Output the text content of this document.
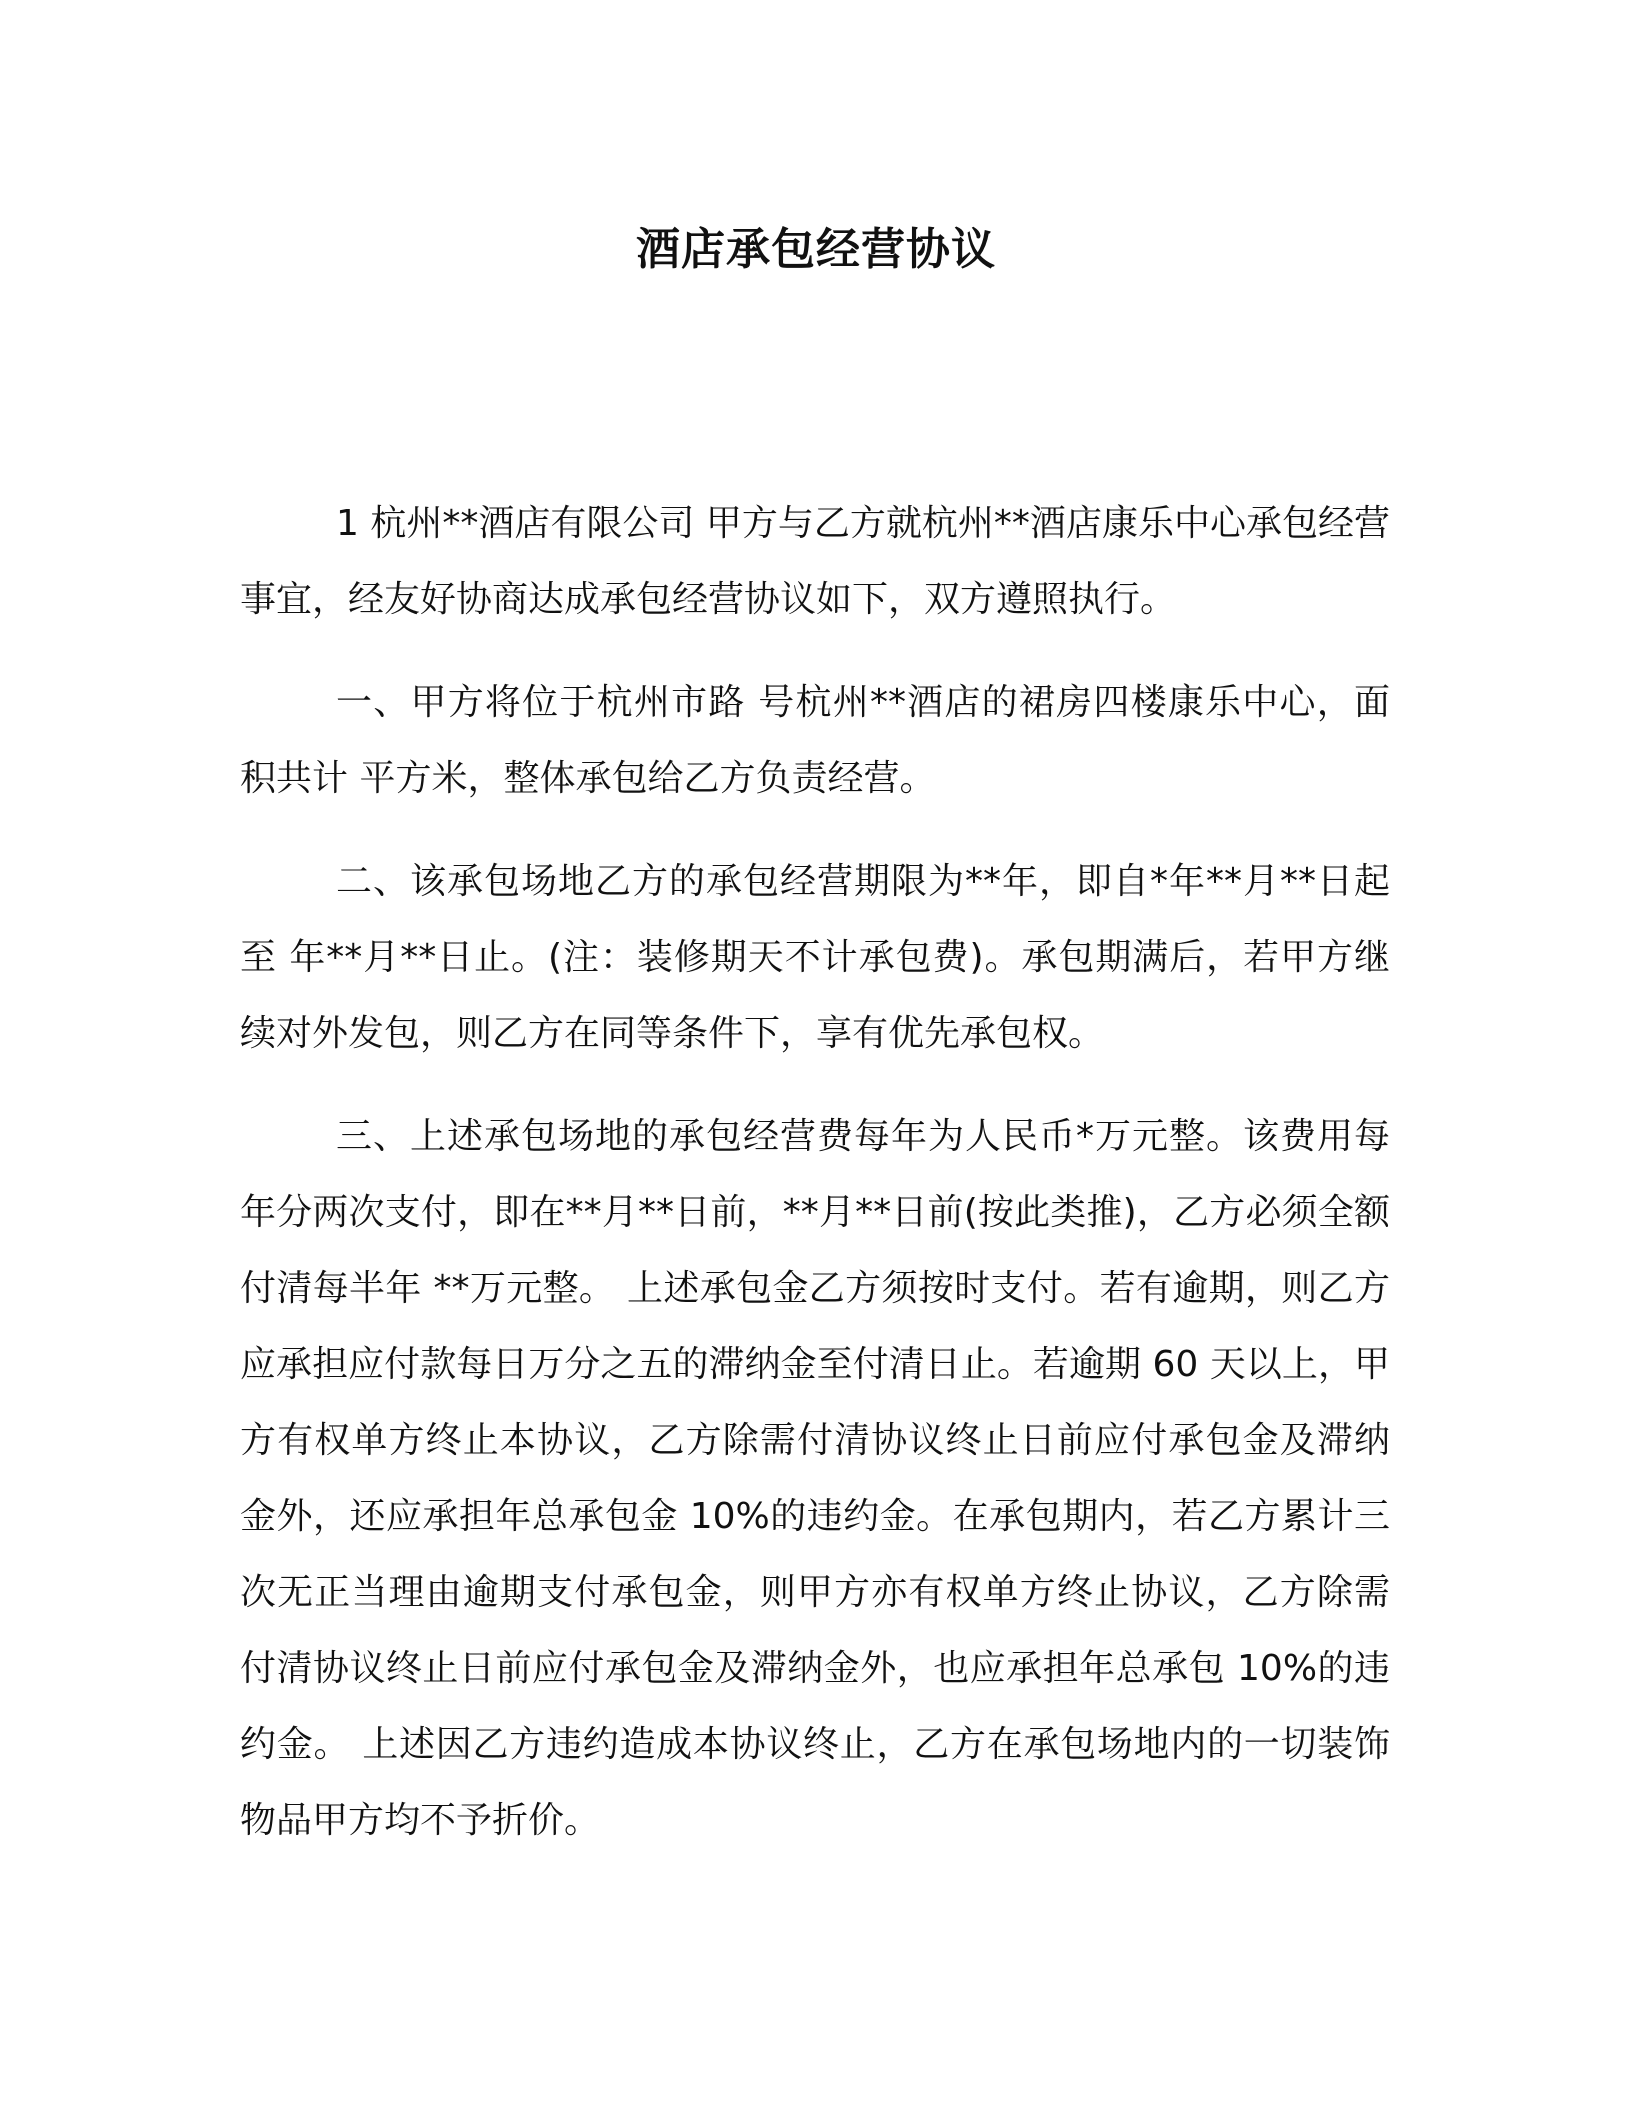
酒店承包经营协议

1 杭州**酒店有限公司 甲方与乙方就杭州**酒店康乐中心承包经营事宜，经友好协商达成承包经营协议如下，双方遵照执行。

一、甲方将位于杭州市路 号杭州**酒店的裙房四楼康乐中心，面积共计 平方米，整体承包给乙方负责经营。

二、该承包场地乙方的承包经营期限为**年，即自*年**月**日起至 年**月**日止。(注：装修期天不计承包费)。承包期满后，若甲方继续对外发包，则乙方在同等条件下，享有优先承包权。

三、上述承包场地的承包经营费每年为人民币*万元整。该费用每年分两次支付，即在**月**日前，**月**日前(按此类推)，乙方必须全额付清每半年 **万元整。 上述承包金乙方须按时支付。若有逾期，则乙方应承担应付款每日万分之五的滞纳金至付清日止。若逾期 60 天以上，甲方有权单方终止本协议，乙方除需付清协议终止日前应付承包金及滞纳金外，还应承担年总承包金 10%的违约金。在承包期内，若乙方累计三次无正当理由逾期支付承包金，则甲方亦有权单方终止协议，乙方除需付清协议终止日前应付承包金及滞纳金外，也应承担年总承包 10%的违约金。 上述因乙方违约造成本协议终止，乙方在承包场地内的一切装饰物品甲方均不予折价。
